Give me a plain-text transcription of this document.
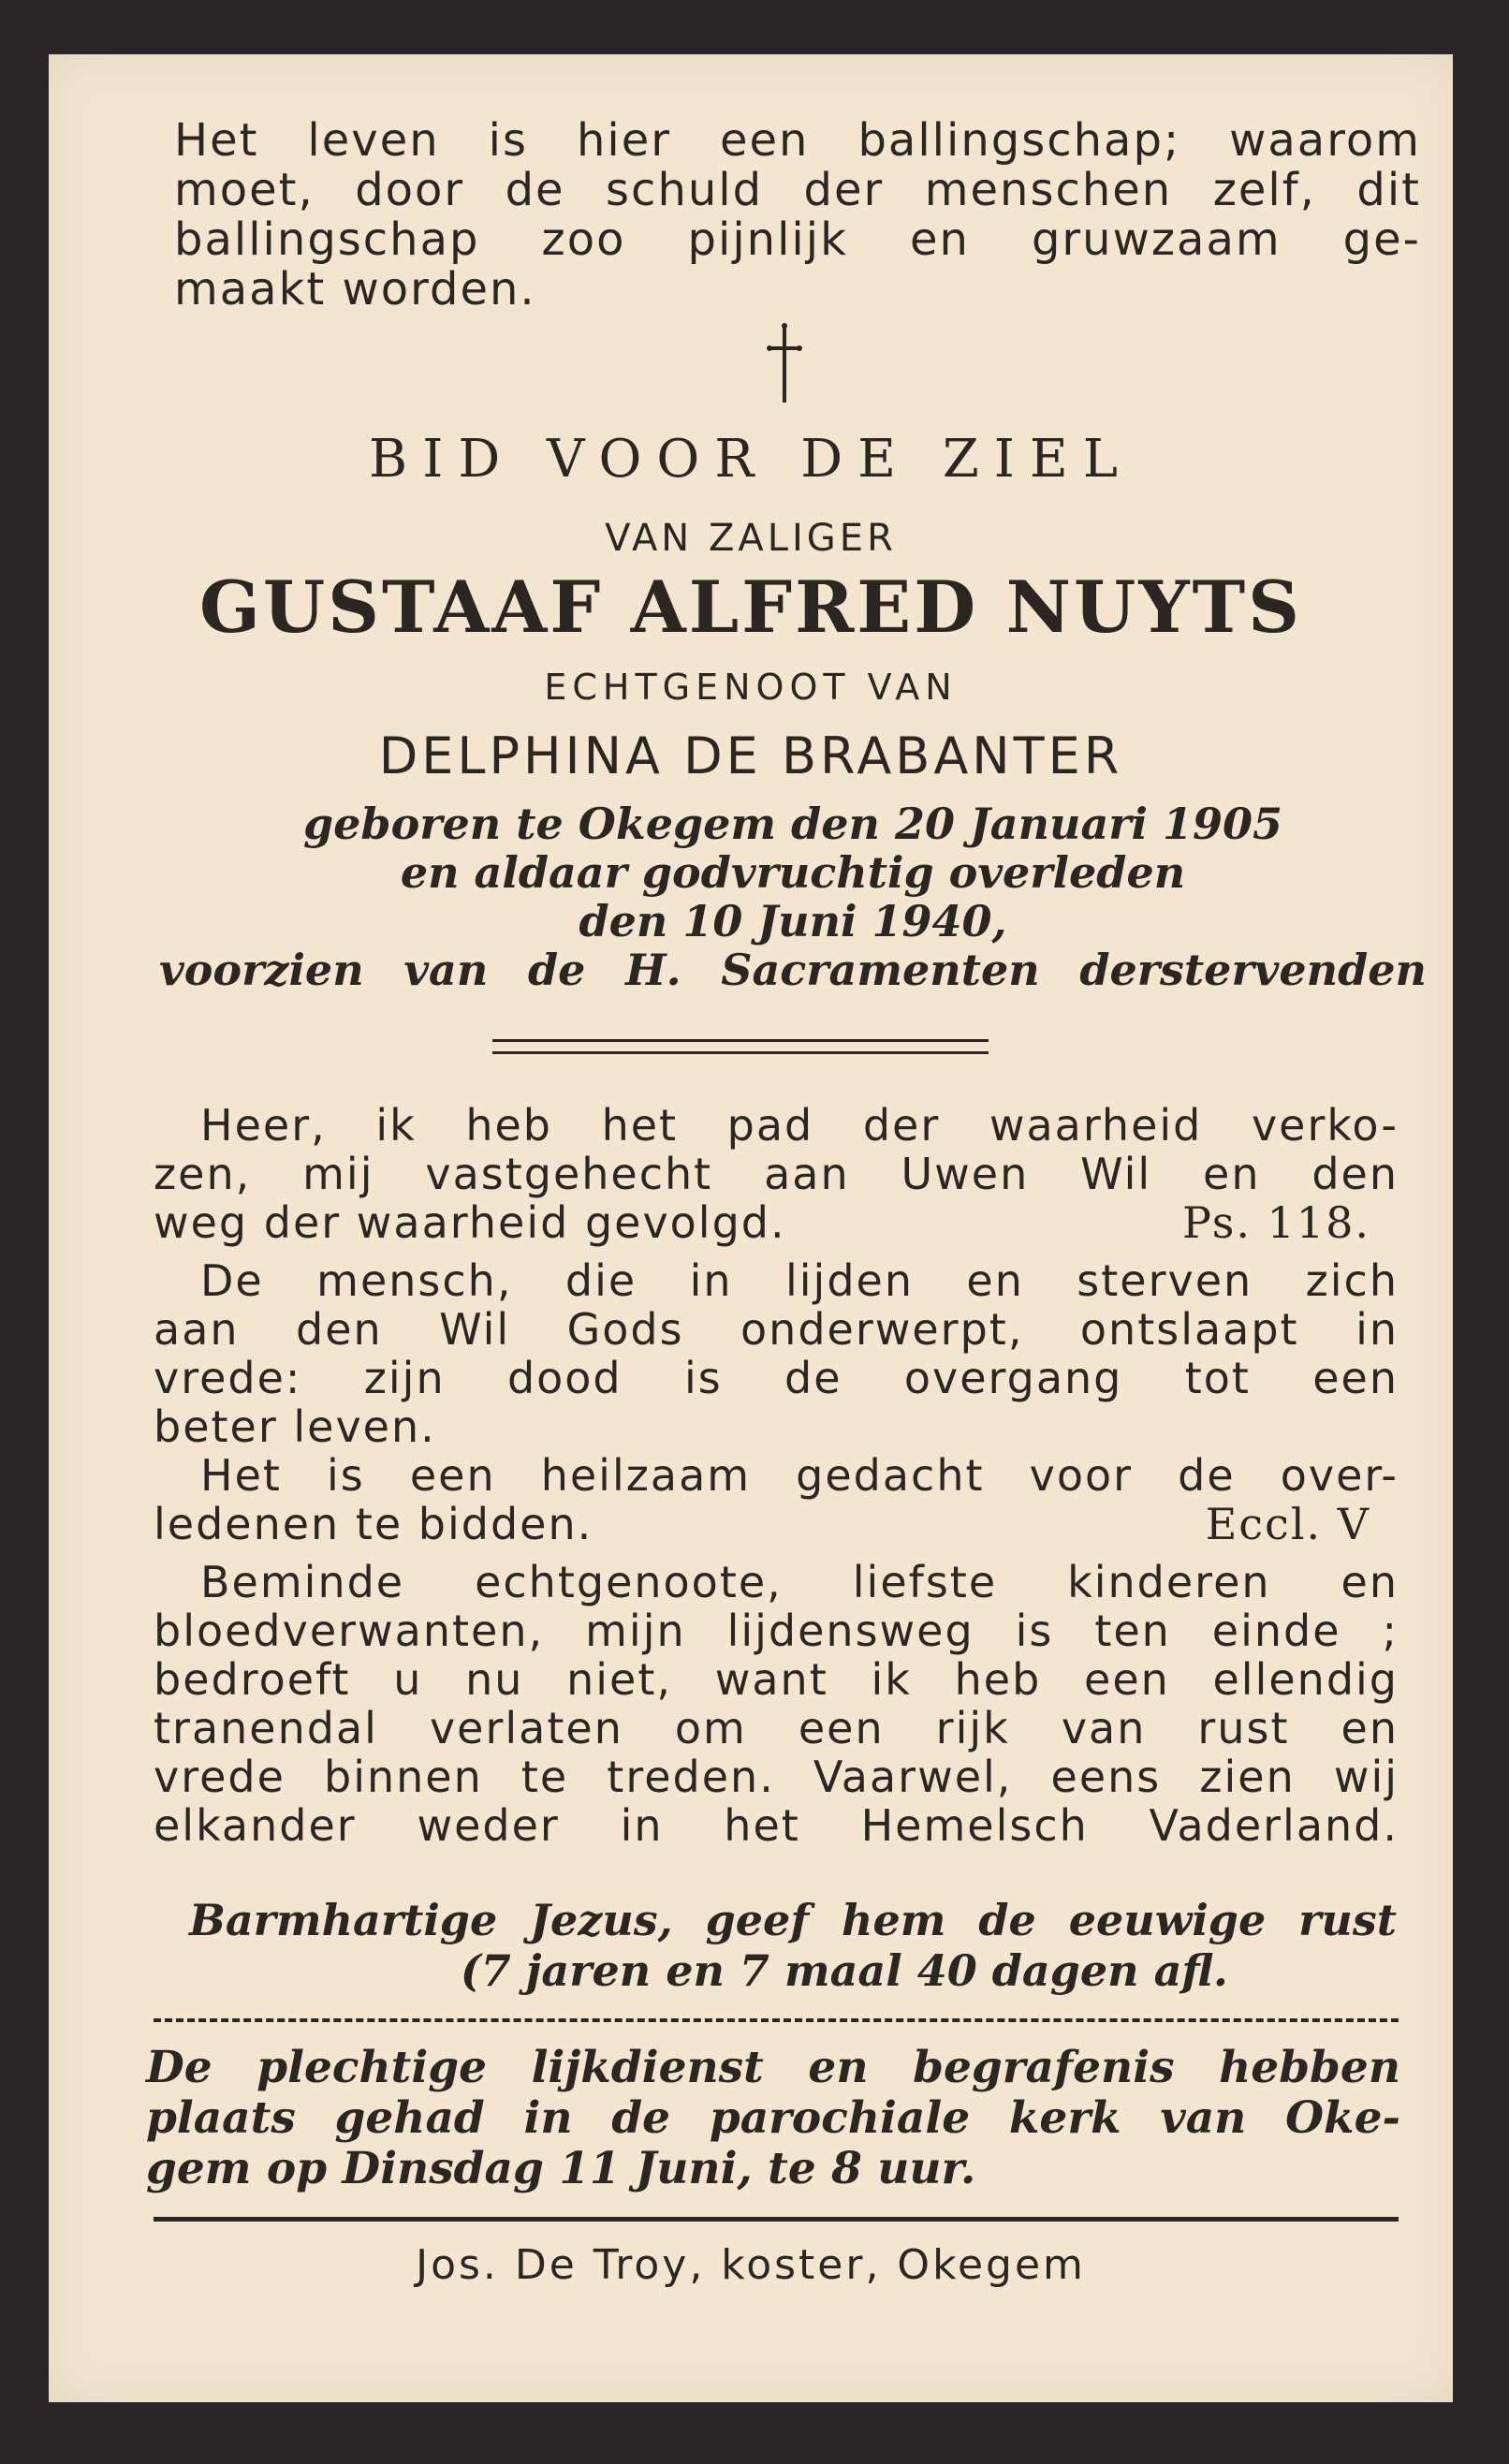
Het leven is hier een ballingschap; waarom
moet, door de schuld der menschen zelf, dit
ballingschap zoo pijnlijk en gruwzaam ge-
maakt worden.
BID VOOR DE ZIEL
VAN ZALIGER
GUSTAAF ALFRED NUYTS
ECHTGENOOT VAN
DELPHINA DE BRABANTER
geboren te Okegem den 20 Januari 1905
en aldaar godvruchtig overleden
den 10 Juni 1940,
voorzien van de H. Sacramenten derstervenden
Heer, ik heb het pad der waarheid verko-
zen, mij vastgehecht aan Uwen Wil en den
weg der waarheid gevolgd.	Ps. 118.
De mensch, die in lijden en sterven zich
aan den Wil Gods onderwerpt, ontslaapt in
vrede: zijn dood is de overgang tot een
beter leven.
Het is een heilzaam gedacht voor de over-
ledenen te bidden.	Eccl. V
Beminde echtgenoote, liefste kinderen en
bloedverwanten, mijn lijdensweg is ten einde ;
bedroeft u nu niet, want ik heb een ellendig
tranendal verlaten om een rijk van rust en
vrede binnen te treden. Vaarwel, eens zien wij
elkander weder in het Hemelsch Vaderland.
Barmhartige Jezus, geef hem de eeuwige rust
(7 jaren en 7 maal 40 dagen afl.
De plechtige lijkdienst en begrafenis hebben
plaats gehad in de parochiale kerk van Oke-
gem op Dinsdag 11 Juni, te 8 uur.
Jos. De Troy, koster, Okegem
